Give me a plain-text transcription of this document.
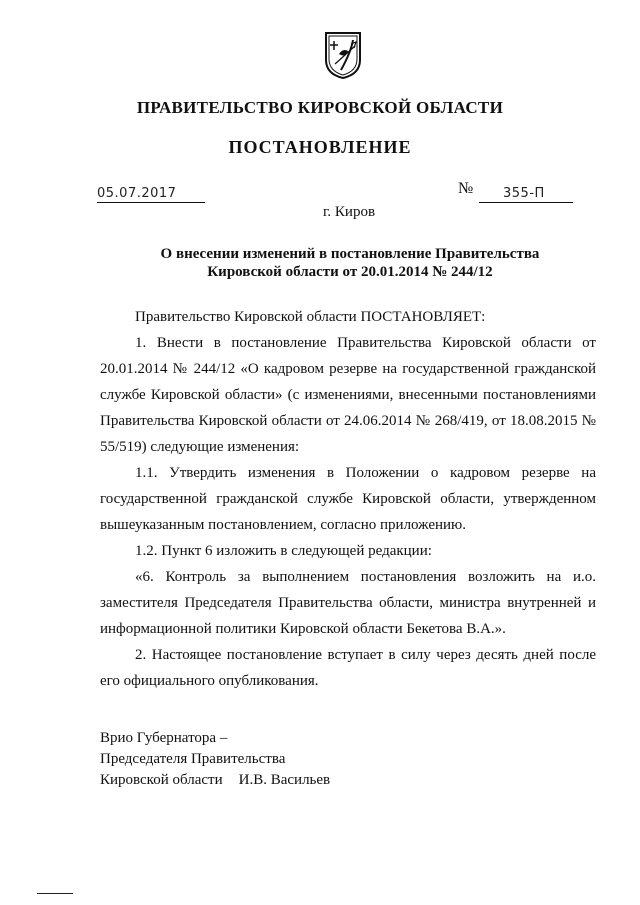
ПРАВИТЕЛЬСТВО КИРОВСКОЙ ОБЛАСТИ
ПОСТАНОВЛЕНИЕ
05.07.2017	№ 355-П
г. Киров
О внесении изменений в постановление Правительства
Кировской области от 20.01.2014 № 244/12

Правительство Кировской области ПОСТАНОВЛЯЕТ:

1. Внести в постановление Правительства Кировской области от 20.01.2014 № 244/12 «О кадровом резерве на государственной гражданской службе Кировской области» (с изменениями, внесенными постановлениями Правительства Кировской области от 24.06.2014 № 268/419, от 18.08.2015 № 55/519) следующие изменения:

1.1. Утвердить изменения в Положении о кадровом резерве на государственной гражданской службе Кировской области, утвержденном вышеуказанным постановлением, согласно приложению.

1.2. Пункт 6 изложить в следующей редакции:

«6. Контроль за выполнением постановления возложить на и.о. заместителя Председателя Правительства области, министра внутренней и информационной политики Кировской области Бекетова В.А.».

2. Настоящее постановление вступает в силу через десять дней после его официального опубликования.

Врио Губернатора –
Председателя Правительства
Кировской области И.В. Васильев
